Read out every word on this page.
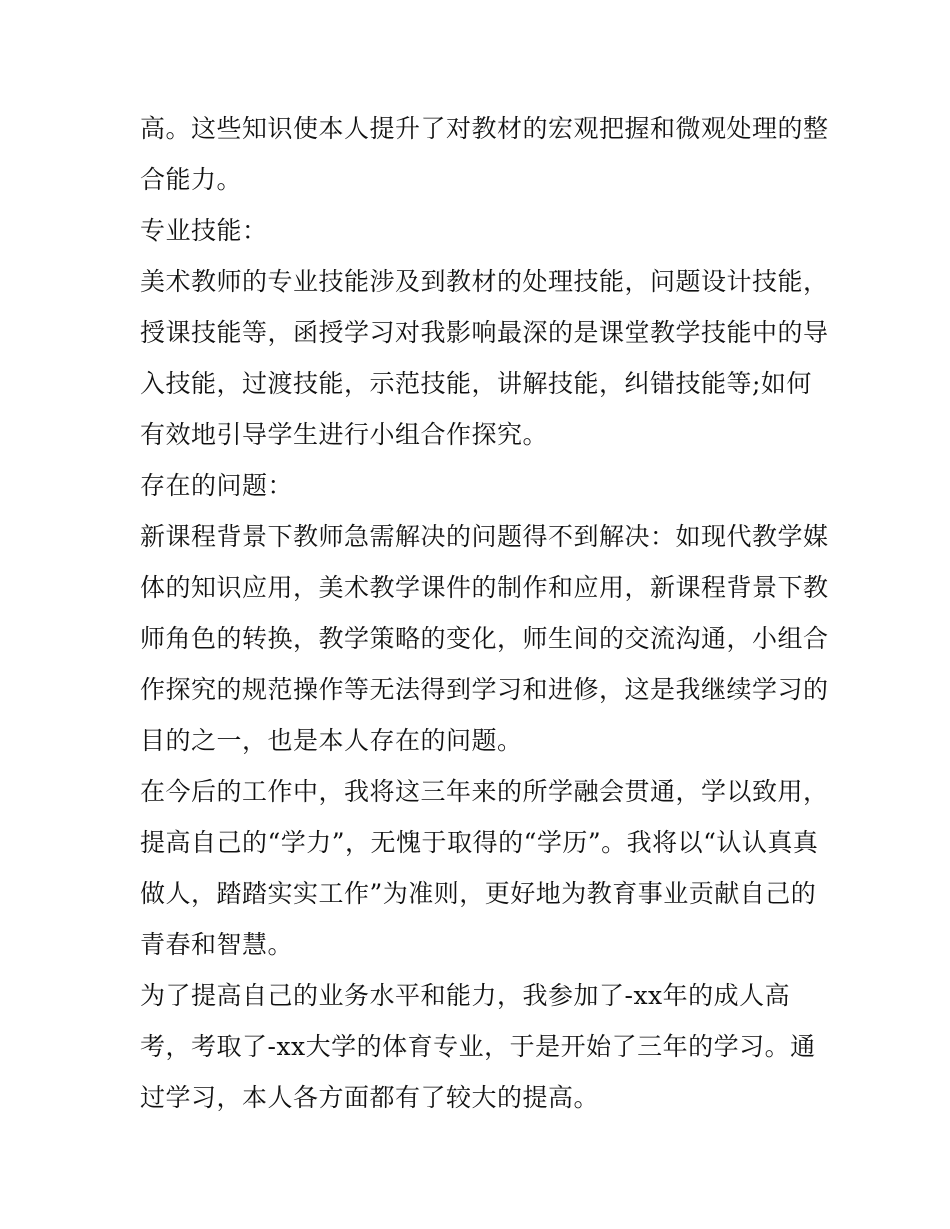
高。这些知识使本人提升了对教材的宏观把握和微观处理的整
合能力。
专业技能：
美术教师的专业技能涉及到教材的处理技能，问题设计技能，
授课技能等，函授学习对我影响最深的是课堂教学技能中的导
入技能，过渡技能，示范技能，讲解技能，纠错技能等;如何
有效地引导学生进行小组合作探究。
存在的问题：
新课程背景下教师急需解决的问题得不到解决：如现代教学媒
体的知识应用，美术教学课件的制作和应用，新课程背景下教
师角色的转换，教学策略的变化，师生间的交流沟通，小组合
作探究的规范操作等无法得到学习和进修，这是我继续学习的
目的之一，也是本人存在的问题。
在今后的工作中，我将这三年来的所学融会贯通，学以致用，
提高自己的“学力”，无愧于取得的“学历”。我将以“认认真真
做人，踏踏实实工作”为准则，更好地为教育事业贡献自己的
青春和智慧。
为了提高自己的业务水平和能力，我参加了-xx年的成人高
考，考取了-xx大学的体育专业，于是开始了三年的学习。通
过学习，本人各方面都有了较大的提高。
